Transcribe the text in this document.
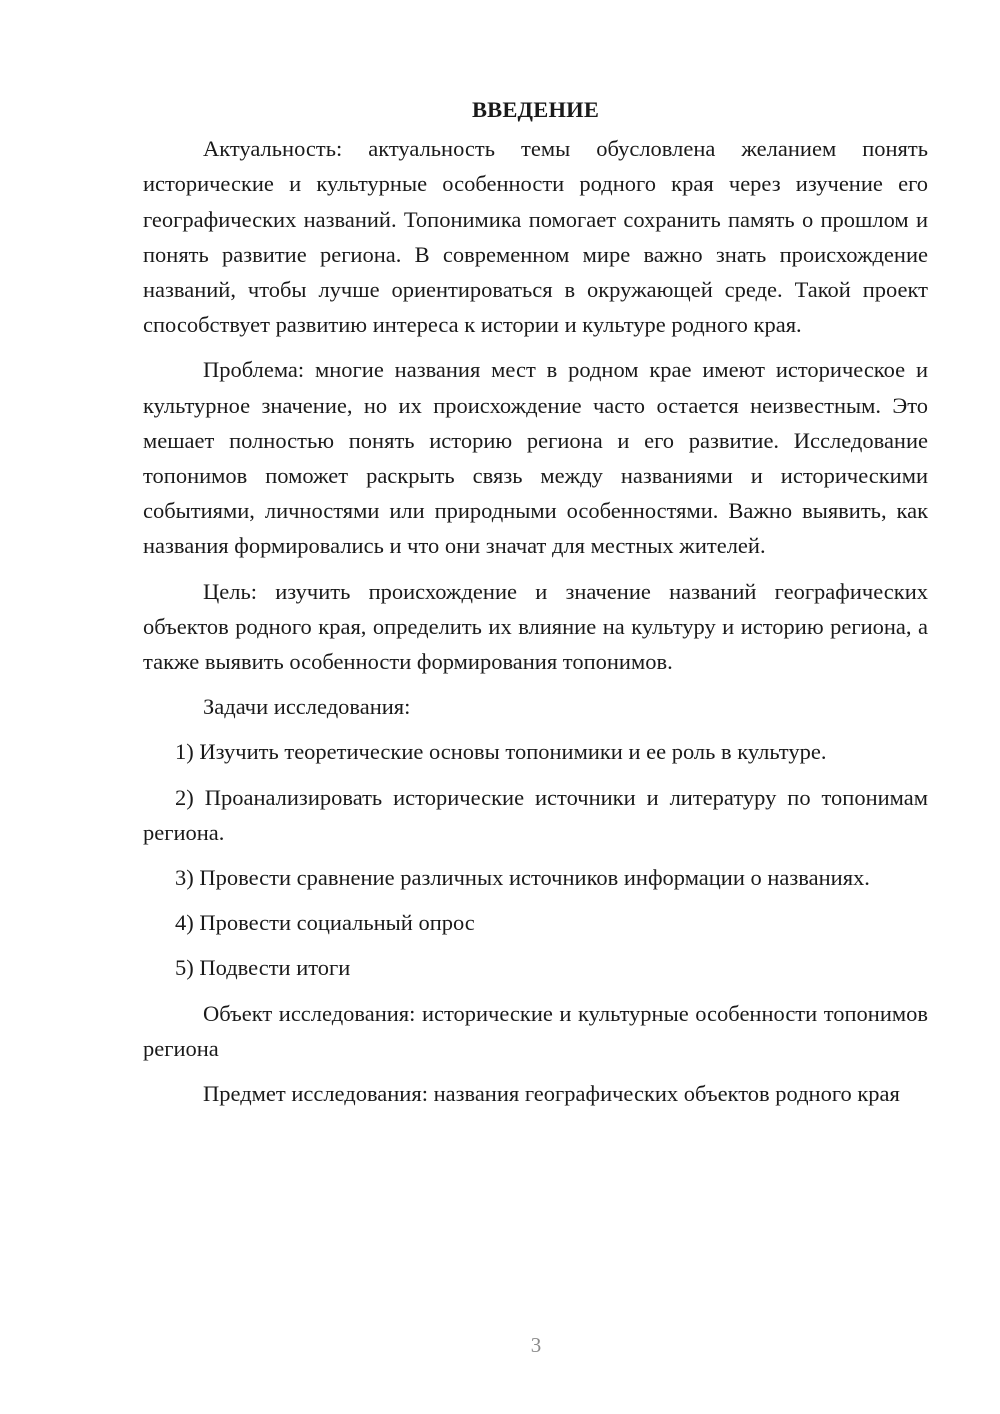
ВВЕДЕНИЕ

Актуальность: актуальность темы обусловлена желанием понять исторические и культурные особенности родного края через изучение его географических названий. Топонимика помогает сохранить память о прошлом и понять развитие региона. В современном мире важно знать происхождение названий, чтобы лучше ориентироваться в окружающей среде. Такой проект способствует развитию интереса к истории и культуре родного края.

Проблема: многие названия мест в родном крае имеют историческое и культурное значение, но их происхождение часто остается неизвестным. Это мешает полностью понять историю региона и его развитие. Исследование топонимов поможет раскрыть связь между названиями и историческими событиями, личностями или природными особенностями. Важно выявить, как названия формировались и что они значат для местных жителей.

Цель: изучить происхождение и значение названий географических объектов родного края, определить их влияние на культуру и историю региона, а также выявить особенности формирования топонимов.

Задачи исследования:

1) Изучить теоретические основы топонимики и ее роль в культуре.

2) Проанализировать исторические источники и литературу по топонимам региона.

3) Провести сравнение различных источников информации о названиях.

4) Провести социальный опрос

5) Подвести итоги

Объект исследования: исторические и культурные особенности топонимов региона

Предмет исследования: названия географических объектов родного края

3
